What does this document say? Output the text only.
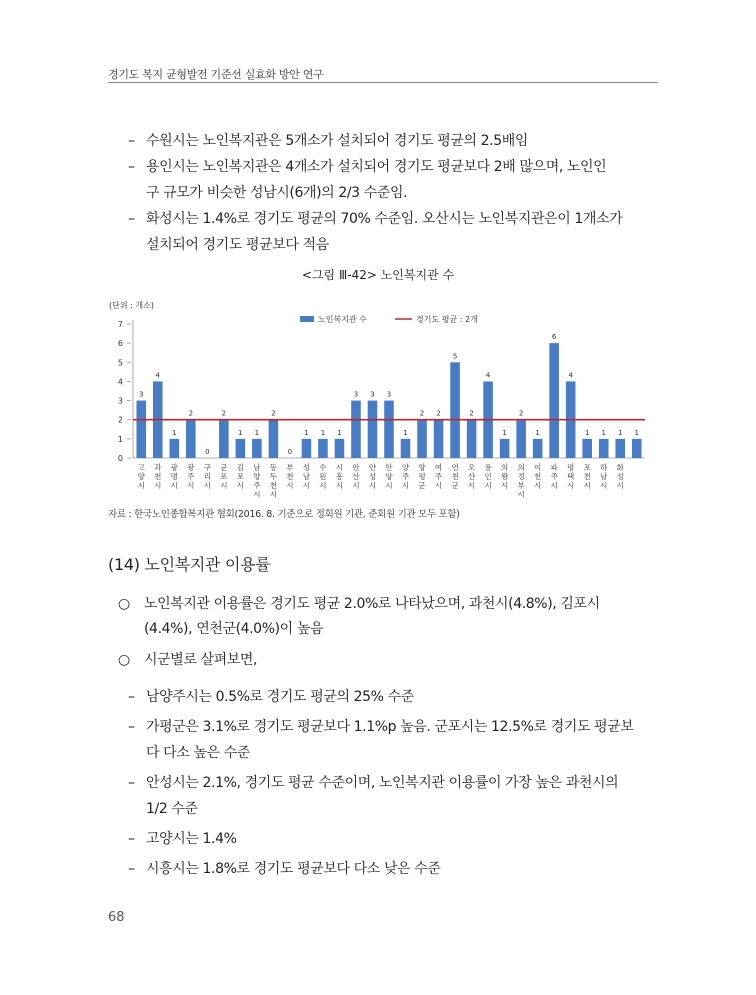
경기도 복지 균형발전 기준선 실효화 방안 연구
– 수원시는 노인복지관은 5개소가 설치되어 경기도 평균의 2.5배임
– 용인시는 노인복지관은 4개소가 설치되어 경기도 평균보다 2배 많으며, 노인인
구 규모가 비슷한 성남시(6개)의 2/3 수준임.
– 화성시는 1.4%로 경기도 평균의 70% 수준임. 오산시는 노인복지관은이 1개소가
설치되어 경기도 평균보다 적음
<그림 Ⅲ-42> 노인복지관 수
(단위 : 개소)
0
1
2
3
4
5
6
7
3
4
1
2
0
2
1 1
2
0
1 1 1
3 3 3
1
2 2
5
2
4
1
2
1
6
4
1 1 1 1
고 양 시
과 천 시
광 명 시
광 주 시
구 리 시
군 포 시
김 포 시
남 양 주 시
동 두 천 시
부 천 시
성 남 시
수 원 시
시 흥 시
안 산 시
안 성 시
안 양 시
양 주 시
양 평 군
여 주 시
연 천 군
오 산 시
용 인 시
의 왕 시
의 정 부 시
이 천 시
파 주 시
평 택 시
포 천 시
하 남 시
화 성 시
노인복지관 수	경기도 평균 : 2개
자료 : 한국노인종합복지관 협회(2016. 8. 기준으로 정회원 기관, 준회원 기관 모두 포함)
(14) 노인복지관 이용률
○ 노인복지관 이용률은 경기도 평균 2.0%로 나타났으며, 과천시(4.8%), 김포시
(4.4%), 연천군(4.0%)이 높음
○ 시군별로 살펴보면,
– 남양주시는 0.5%로 경기도 평균의 25% 수준
– 가평군은 3.1%로 경기도 평균보다 1.1%p 높음. 군포시는 12.5%로 경기도 평균보
다 다소 높은 수준
– 안성시는 2.1%, 경기도 평균 수준이며, 노인복지관 이용률이 가장 높은 과천시의
1/2 수준
– 고양시는 1.4%
– 시흥시는 1.8%로 경기도 평균보다 다소 낮은 수준
68
